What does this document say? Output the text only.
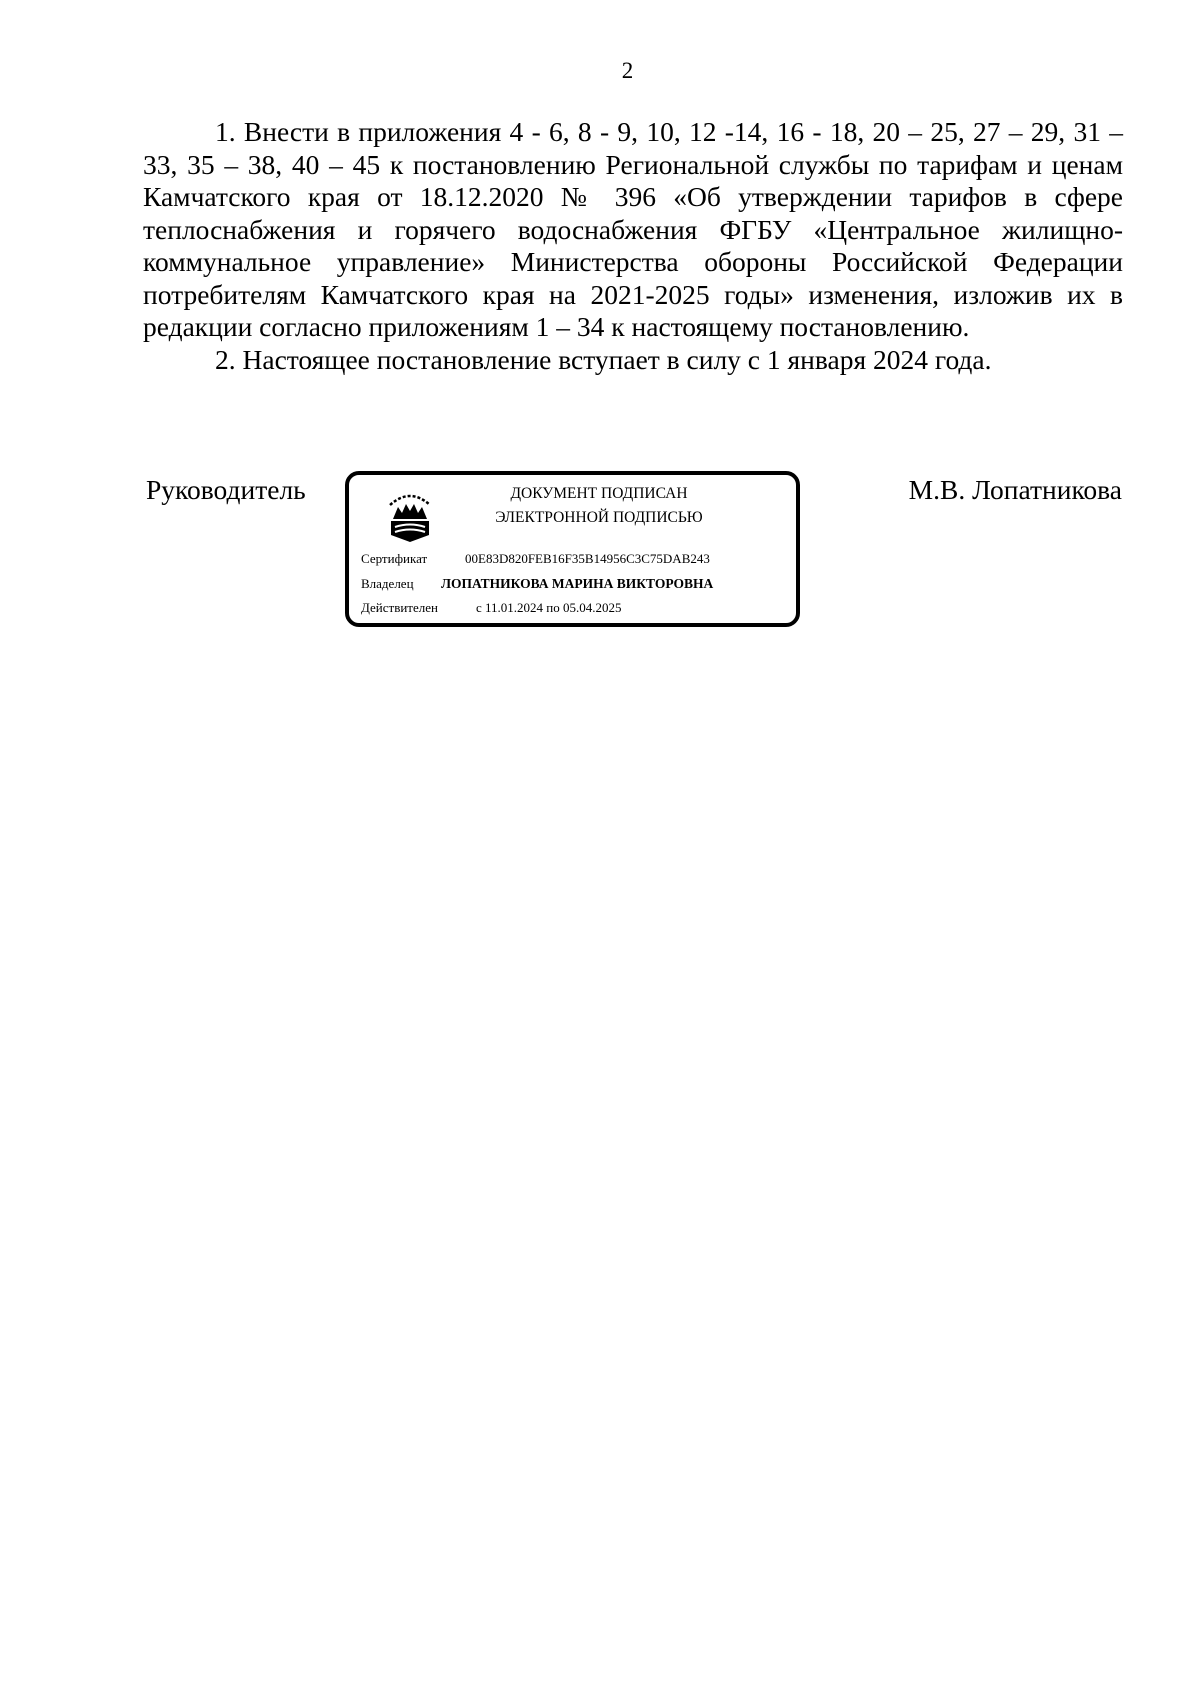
2

1. Внести в приложения 4 - 6, 8 - 9, 10, 12 -14, 16 - 18, 20 – 25, 27 – 29, 31 – 33, 35 – 38, 40 – 45 к постановлению Региональной службы по тарифам и ценам Камчатского края от 18.12.2020 № 396 «Об утверждении тарифов в сфере теплоснабжения и горячего водоснабжения ФГБУ «Центральное жилищно-коммунальное управление» Министерства обороны Российской Федерации потребителям Камчатского края на 2021-2025 годы» изменения, изложив их в редакции согласно приложениям 1 – 34 к настоящему постановлению.

2. Настоящее постановление вступает в силу с 1 января 2024 года.

Руководитель	ДОКУМЕНТ ПОДПИСАН
ЭЛЕКТРОННОЙ ПОДПИСЬЮ
Сертификат	00E83D820FEB16F35B14956C3C75DAB243
Владелец ЛОПАТНИКОВА МАРИНА ВИКТОРОВНА
Действителен	с 11.01.2024 по 05.04.2025
М.В. Лопатникова
